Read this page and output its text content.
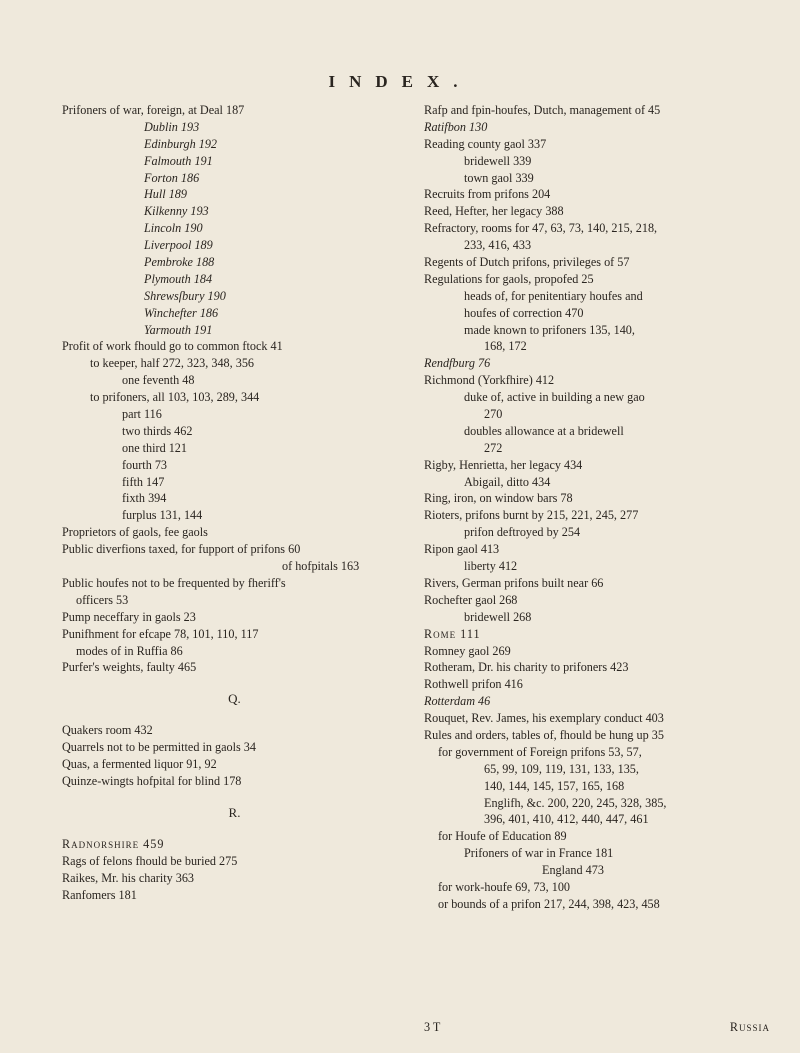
INDEX.
Prifoners of war, foreign, at Deal 187
Dublin 193
Edinburgh 192
Falmouth 191
Forton 186
Hull 189
Kilkenny 193
Lincoln 190
Liverpool 189
Pembroke 188
Plymouth 184
Shrewsſbury 190
Winchefter 186
Yarmouth 191
Profit of work fhould go to common ftock 41
to keeper, half 272, 323, 348, 356
one feventh 48
to prifoners, all 103, 103, 289, 344
part 116
two thirds 462
one third 121
fourth 73
fifth 147
fixth 394
furplus 131, 144
Proprietors of gaols, fee gaols
Public diverfions taxed, for fupport of prifons 60
of hofpitals 163
Public houfes not to be frequented by fheriff's
officers 53
Pump neceffary in gaols 23
Punifhment for efcape 78, 101, 110, 117
modes of in Ruffia 86
Purfer's weights, faulty 465
Q.
Quakers room 432
Quarrels not to be permitted in gaols 34
Quas, a fermented liquor 91, 92
Quinze-wingts hofpital for blind 178
R.
Radnorshire 459
Rags of felons fhould be buried 275
Raikes, Mr. his charity 363
Ranfomers 181
Rafp and fpin-houfes, Dutch, management of 45
Ratifbon 130
Reading county gaol 337
bridewell 339
town gaol 339
Recruits from prifons 204
Reed, Hefter, her legacy 388
Refractory, rooms for 47, 63, 73, 140, 215, 218,
233, 416, 433
Regents of Dutch prifons, privileges of 57
Regulations for gaols, propofed 25
heads of, for penitentiary houfes and
houfes of correction 470
made known to prifoners 135, 140,
168, 172
Rendfburg 76
Richmond (Yorkfhire) 412
duke of, active in building a new gao
270
doubles allowance at a bridewell
272
Rigby, Henrietta, her legacy 434
Abigail, ditto 434
Ring, iron, on window bars 78
Rioters, prifons burnt by 215, 221, 245, 277
prifon deftroyed by 254
Ripon gaol 413
liberty 412
Rivers, German prifons built near 66
Rochefter gaol 268
bridewell 268
Rome 111
Romney gaol 269
Rotheram, Dr. his charity to prifoners 423
Rothwell prifon 416
Rotterdam 46
Rouquet, Rev. James, his exemplary conduct 403
Rules and orders, tables of, fhould be hung up 35
for government of Foreign prifons 53, 57,
65, 99, 109, 119, 131, 133, 135,
140, 144, 145, 157, 165, 168
Englifh, &c. 200, 220, 245, 328, 385,
396, 401, 410, 412, 440, 447, 461
for Houfe of Education 89
Prifoners of war in France 181
England 473
for work-houfe 69, 73, 100
or bounds of a prifon 217, 244, 398, 423, 458
3 T	Russia
